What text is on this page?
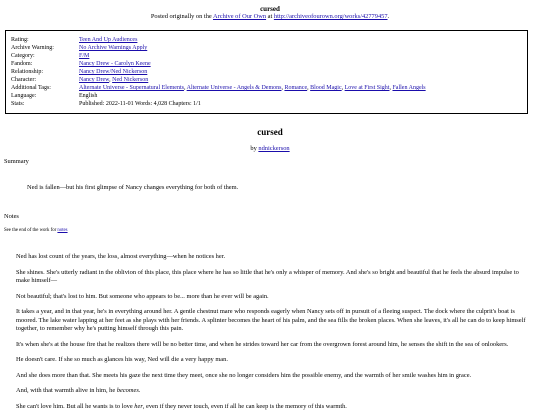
cursed
Posted originally on the Archive of Our Own at http://archiveofourown.org/works/42779457.
Rating:	Teen And Up Audiences
Archive Warning:	No Archive Warnings Apply
Category:	F/M
Fandom:	Nancy Drew - Carolyn Keene
Relationship:	Nancy Drew/Ned Nickerson
Character:	Nancy Drew, Ned Nickerson
Additional Tags:	Alternate Universe - Supernatural Elements, Alternate Universe - Angels & Demons, Romance, Blood Magic, Love at First Sight, Fallen Angels
Language:	English
Stats:	Published: 2022-11-01 Words: 4,028 Chapters: 1/1
cursed
by ndnickerson
Summary
Ned is fallen—but his first glimpse of Nancy changes everything for both of them.
Notes
See the end of the work for notes

Ned has lost count of the years, the loss, almost everything—when he notices her.

She shines. She's utterly radiant in the oblivion of this place, this place where he has so little that he's only a whisper of memory. And she's so bright and beautiful that he feels the absurd impulse to make himself—

Not beautiful; that's lost to him. But someone who appears to be... more than he ever will be again.

It takes a year, and in that year, he's in everything around her. A gentle chestnut mare who responds eagerly when Nancy sets off in pursuit of a fleeing suspect. The dock where the culprit's boat is moored. The lake water lapping at her feet as she plays with her friends. A splinter becomes the heart of his palm, and the sea fills the broken places. When she leaves, it's all he can do to keep himself together, to remember why he's putting himself through this pain.

It's when she's at the house fire that he realizes there will be no better time, and when he strides toward her car from the overgrown forest around him, he senses the shift in the sea of onlookers.

He doesn't care. If she so much as glances his way, Ned will die a very happy man.

And she does more than that. She meets his gaze the next time they meet, once she no longer considers him the possible enemy, and the warmth of her smile washes him in grace.

And, with that warmth alive in him, he becomes.

She can't love him. But all he wants is to love her, even if they never touch, even if all he can keep is the memory of this warmth.
